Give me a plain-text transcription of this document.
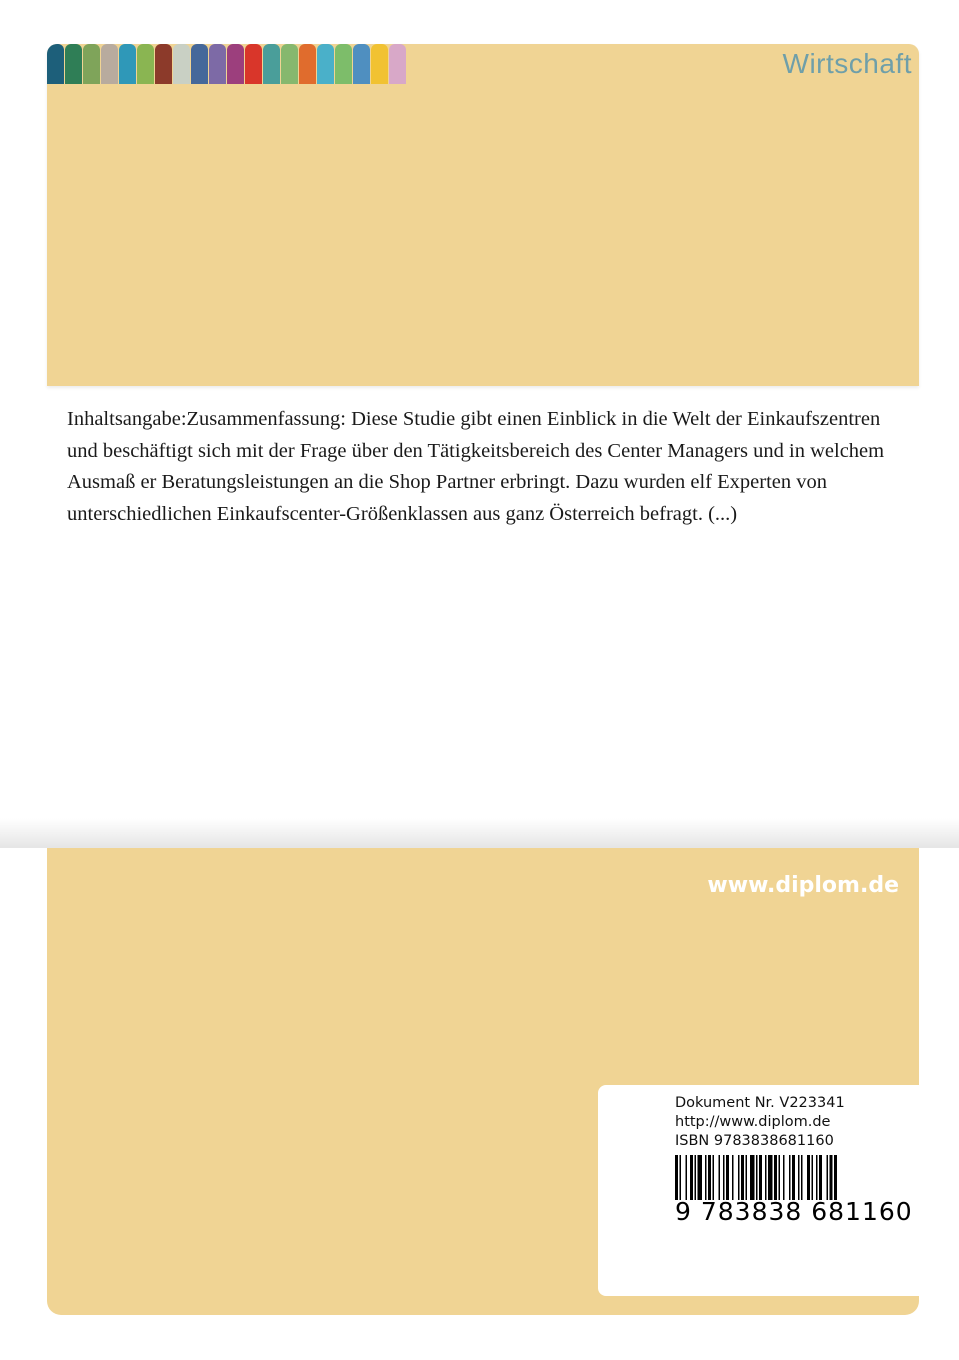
Wirtschaft

Inhaltsangabe:Zusammenfassung: Diese Studie gibt einen Einblick in die Welt der Einkaufszentren und beschäftigt sich mit der Frage über den Tätigkeitsbereich des Center Managers und in welchem Ausmaß er Beratungsleistungen an die Shop Partner erbringt. Dazu wurden elf Experten von unterschiedlichen Einkaufscenter-Größenklassen aus ganz Österreich befragt. (...)

www.diplom.de
Dokument Nr. V223341
http://www.diplom.de
ISBN 9783838681160
9 783838 681160
